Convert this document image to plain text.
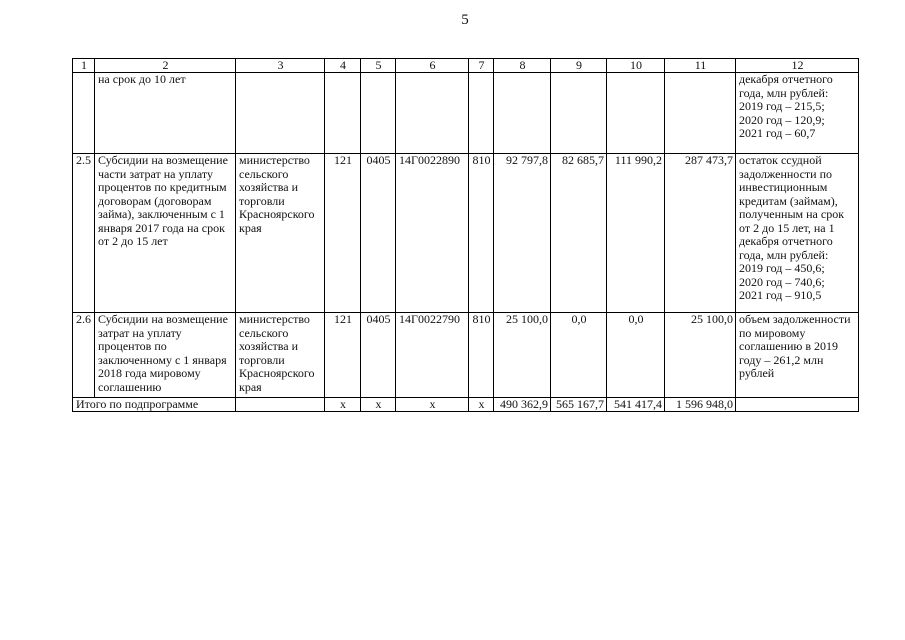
5
1	2	3	4	5	6	7	8	9	10	11	12
	на срок до 10 лет										декабря отчетного года, млн рублей:
2019 год – 215,5;
2020 год – 120,9;
2021 год – 60,7
2.5	Субсидии на возмещение части затрат на уплату процентов по кредитным договорам (договорам займа), заключенным с 1 января 2017 года на срок от 2 до 15 лет	министерство сельского хозяйства и торговли Красноярского края	121	0405	14Г0022890	810	92 797,8	82 685,7	111 990,2	287 473,7	остаток ссудной задолженности по инвестиционным кредитам (займам), полученным на срок от 2 до 15 лет, на 1 декабря отчетного года, млн рублей:
2019 год – 450,6;
2020 год – 740,6;
2021 год – 910,5
2.6	Субсидии на возмещение затрат на уплату процентов по заключенному с 1 января 2018 года мировому соглашению	министерство сельского хозяйства и торговли Красноярского края	121	0405	14Г0022790	810	25 100,0	0,0	0,0	25 100,0	объем задолженности по мировому соглашению в 2019 году – 261,2 млн рублей
Итого по подпрограмме			х	х	х	х	490 362,9	565 167,7	541 417,4	1 596 948,0	
